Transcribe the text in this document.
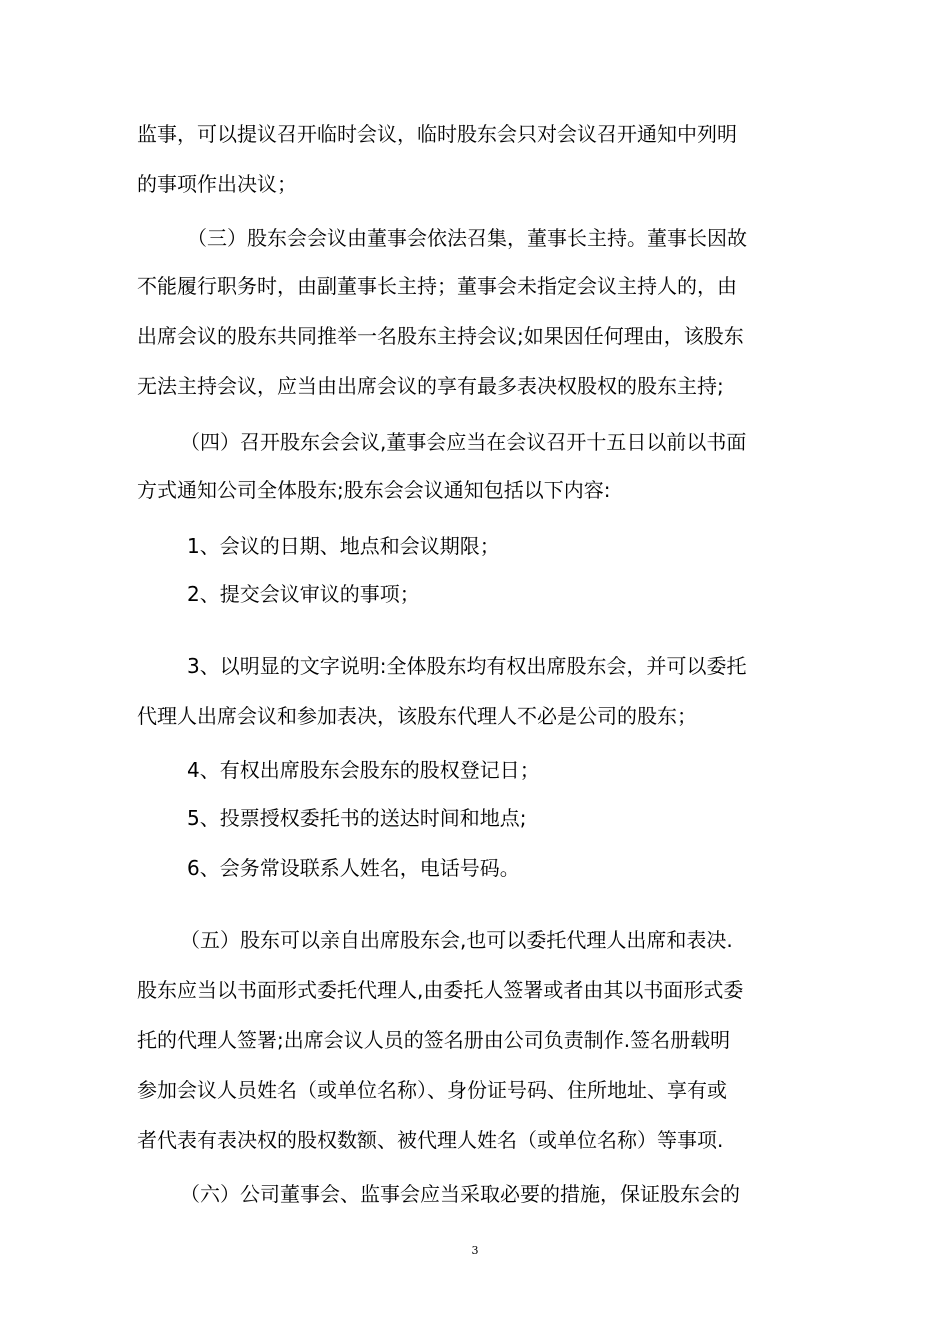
监事，可以提议召开临时会议，临时股东会只对会议召开通知中列明
的事项作出决议；
（三）股东会会议由董事会依法召集，董事长主持。董事长因故
不能履行职务时，由副董事长主持；董事会未指定会议主持人的，由
出席会议的股东共同推举一名股东主持会议;如果因任何理由，该股东
无法主持会议，应当由出席会议的享有最多表决权股权的股东主持;
（四）召开股东会会议,董事会应当在会议召开十五日以前以书面
方式通知公司全体股东;股东会会议通知包括以下内容:
1、会议的日期、地点和会议期限；
2、提交会议审议的事项；
3、以明显的文字说明:全体股东均有权出席股东会，并可以委托
代理人出席会议和参加表决，该股东代理人不必是公司的股东；
4、有权出席股东会股东的股权登记日；
5、投票授权委托书的送达时间和地点;
6、会务常设联系人姓名，电话号码。
（五）股东可以亲自出席股东会,也可以委托代理人出席和表决.
股东应当以书面形式委托代理人,由委托人签署或者由其以书面形式委
托的代理人签署;出席会议人员的签名册由公司负责制作.签名册载明
参加会议人员姓名（或单位名称）、身份证号码、住所地址、享有或
者代表有表决权的股权数额、被代理人姓名（或单位名称）等事项.
（六）公司董事会、监事会应当采取必要的措施，保证股东会的
3
